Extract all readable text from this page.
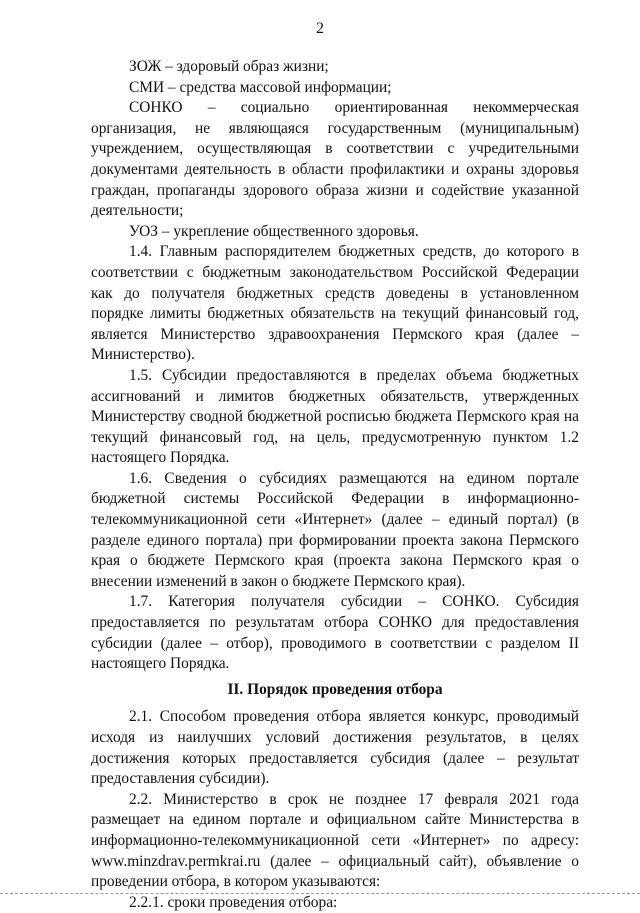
2

ЗОЖ – здоровый образ жизни;

СМИ – средства массовой информации;

СОНКО – социально ориентированная некоммерческая организация, не являющаяся государственным (муниципальным) учреждением, осуществляющая в соответствии с учредительными документами деятельность в области профилактики и охраны здоровья граждан, пропаганды здорового образа жизни и содействие указанной деятельности;

УОЗ – укрепление общественного здоровья.

1.4. Главным распорядителем бюджетных средств, до которого в соответствии с бюджетным законодательством Российской Федерации как до получателя бюджетных средств доведены в установленном порядке лимиты бюджетных обязательств на текущий финансовый год, является Министерство здравоохранения Пермского края (далее – Министерство).

1.5. Субсидии предоставляются в пределах объема бюджетных ассигнований и лимитов бюджетных обязательств, утвержденных Министерству сводной бюджетной росписью бюджета Пермского края на текущий финансовый год, на цель, предусмотренную пунктом 1.2 настоящего Порядка.

1.6. Сведения о субсидиях размещаются на едином портале бюджетной системы Российской Федерации в информационно-телекоммуникационной сети «Интернет» (далее – единый портал) (в разделе единого портала) при формировании проекта закона Пермского края о бюджете Пермского края (проекта закона Пермского края о внесении изменений в закон о бюджете Пермского края).

1.7. Категория получателя субсидии – СОНКО. Субсидия предоставляется по результатам отбора СОНКО для предоставления субсидии (далее – отбор), проводимого в соответствии с разделом II настоящего Порядка.

II. Порядок проведения отбора

2.1. Способом проведения отбора является конкурс, проводимый исходя из наилучших условий достижения результатов, в целях достижения которых предоставляется субсидия (далее – результат предоставления субсидии).

2.2. Министерство в срок не позднее 17 февраля 2021 года размещает на едином портале и официальном сайте Министерства в информационно-телекоммуникационной сети «Интернет» по адресу: www.minzdrav.permkrai.ru (далее – официальный сайт), объявление о проведении отбора, в котором указываются:

2.2.1. сроки проведения отбора:
